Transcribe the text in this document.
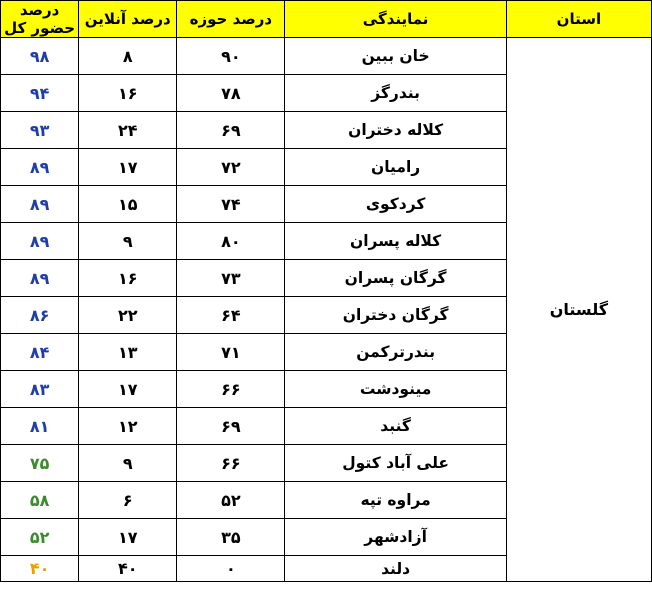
استان	نمایندگی	درصد حوزه	درصد آنلاین	درصد حضور کل
گلستان	خان ببین	۹۰	۸	۹۸
	بندرگز	۷۸	۱۶	۹۴
	کلاله دختران	۶۹	۲۴	۹۳
	رامیان	۷۲	۱۷	۸۹
	کردکوی	۷۴	۱۵	۸۹
	کلاله پسران	۸۰	۹	۸۹
	گرگان پسران	۷۳	۱۶	۸۹
	گرگان دختران	۶۴	۲۲	۸۶
	بندرترکمن	۷۱	۱۳	۸۴
	مینودشت	۶۶	۱۷	۸۳
	گنبد	۶۹	۱۲	۸۱
	علی آباد کتول	۶۶	۹	۷۵
	مراوه تپه	۵۲	۶	۵۸
	آزادشهر	۳۵	۱۷	۵۲
	دلند	۰	۴۰	۴۰
